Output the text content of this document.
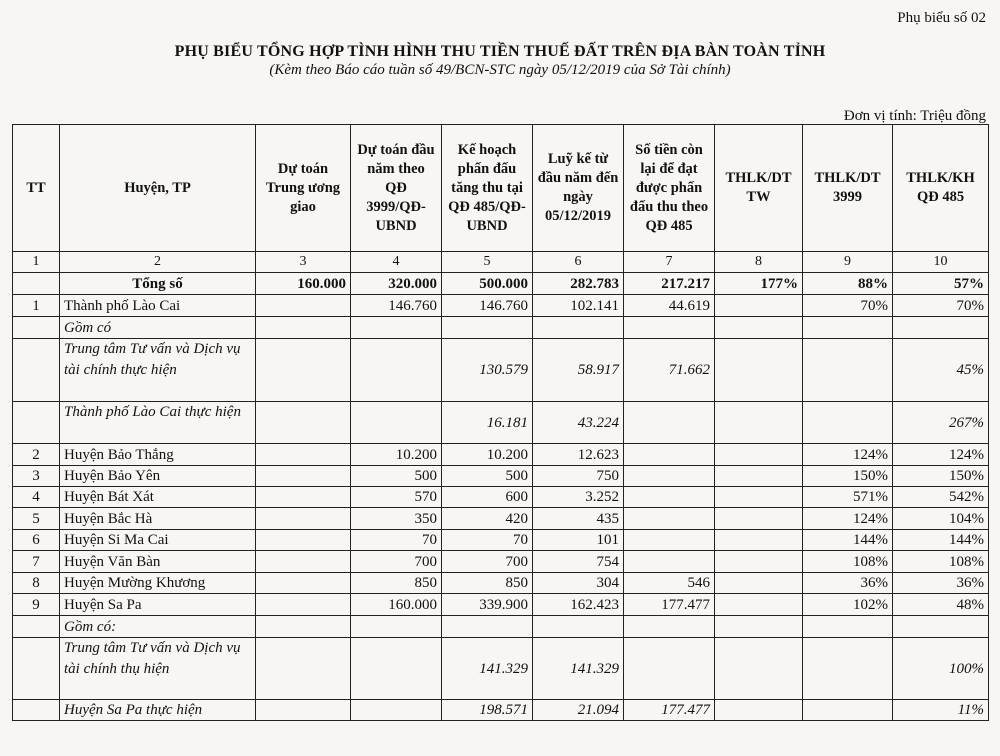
Phụ biểu số 02
PHỤ BIỂU TỔNG HỢP TÌNH HÌNH THU TIỀN THUẾ ĐẤT TRÊN ĐỊA BÀN TOÀN TỈNH
(Kèm theo Báo cáo tuần số 49/BCN-STC ngày 05/12/2019 của Sở Tài chính)
Đơn vị tính: Triệu đồng
TT	Huyện, TP	Dự toán Trung ương giao	Dự toán đầu năm theo QĐ 3999/QĐ-UBND	Kế hoạch phấn đấu tăng thu tại QĐ 485/QĐ-UBND	Luỹ kế từ đầu năm đến ngày 05/12/2019	Số tiền còn lại để đạt được phấn đấu thu theo QĐ 485	THLK/DT TW	THLK/DT 3999	THLK/KH QĐ 485
1	2	3	4	5	6	7	8	9	10
	Tổng số	160.000	320.000	500.000	282.783	217.217	177%	88%	57%
1	Thành phố Lào Cai		146.760	146.760	102.141	44.619		70%	70%
	Gồm có								
	Trung tâm Tư vấn và Dịch vụ tài chính thực hiện			130.579	58.917	71.662			45%
	Thành phố Lào Cai thực hiện			16.181	43.224				267%
2	Huyện Bảo Thắng		10.200	10.200	12.623			124%	124%
3	Huyện Bảo Yên		500	500	750			150%	150%
4	Huyện Bát Xát		570	600	3.252			571%	542%
5	Huyện Bắc Hà		350	420	435			124%	104%
6	Huyện Si Ma Cai		70	70	101			144%	144%
7	Huyện Văn Bàn		700	700	754			108%	108%
8	Huyện Mường Khương		850	850	304	546		36%	36%
9	Huyện Sa Pa		160.000	339.900	162.423	177.477		102%	48%
	Gồm có:								
	Trung tâm Tư vấn và Dịch vụ tài chính thụ hiện			141.329	141.329				100%
	Huyện Sa Pa thực hiện			198.571	21.094	177.477			11%
